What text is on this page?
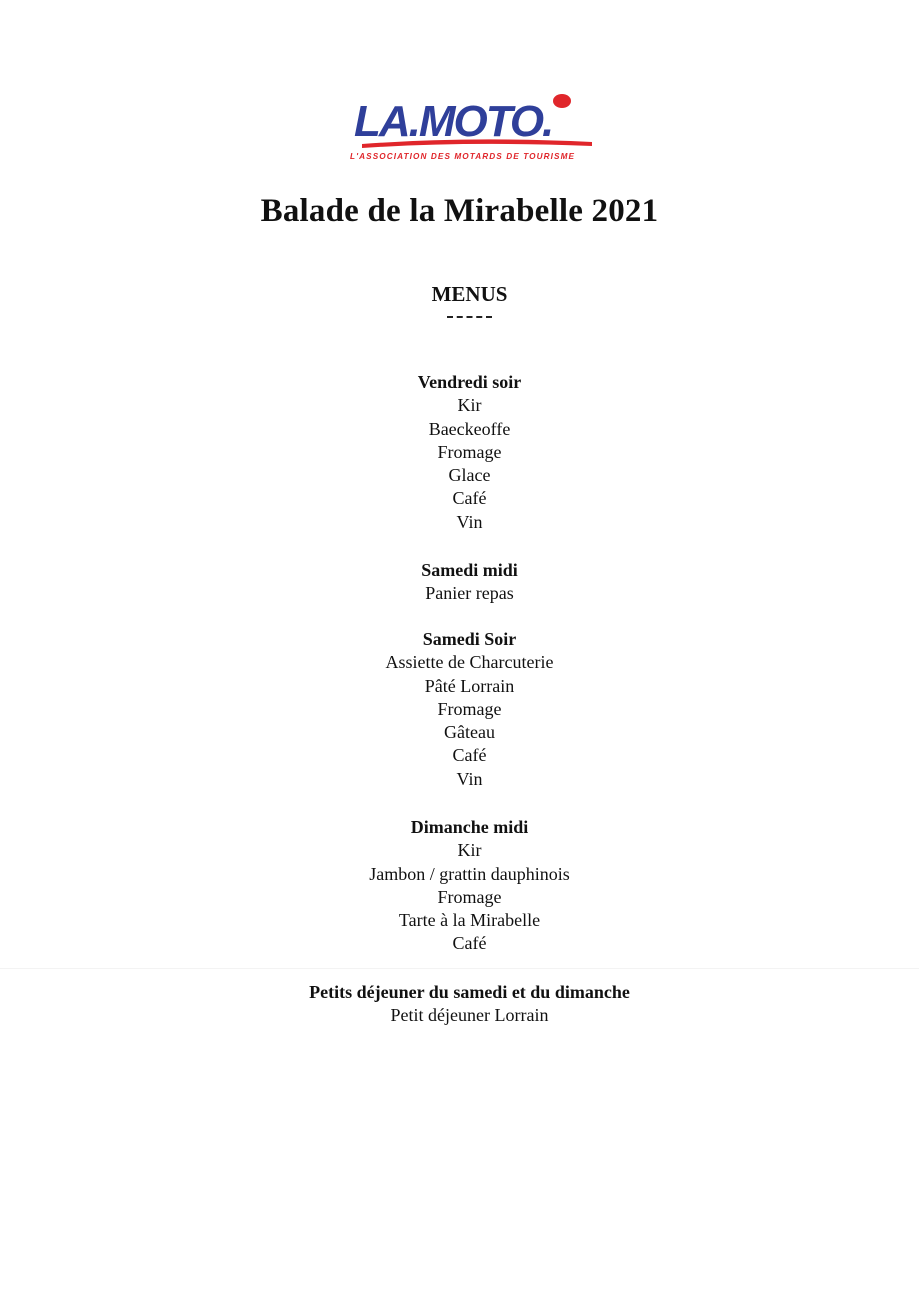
LA.MOTO.
L'ASSOCIATION DES MOTARDS DE TOURISME
Balade de la Mirabelle 2021
MENUS
Vendredi soir
Kir
Baeckeoffe
Fromage
Glace
Café
Vin
Samedi midi
Panier repas
Samedi Soir
Assiette de Charcuterie
Pâté Lorrain
Fromage
Gâteau
Café
Vin
Dimanche midi
Kir
Jambon / grattin dauphinois
Fromage
Tarte à la Mirabelle
Café
Petits déjeuner du samedi et du dimanche
Petit déjeuner Lorrain
